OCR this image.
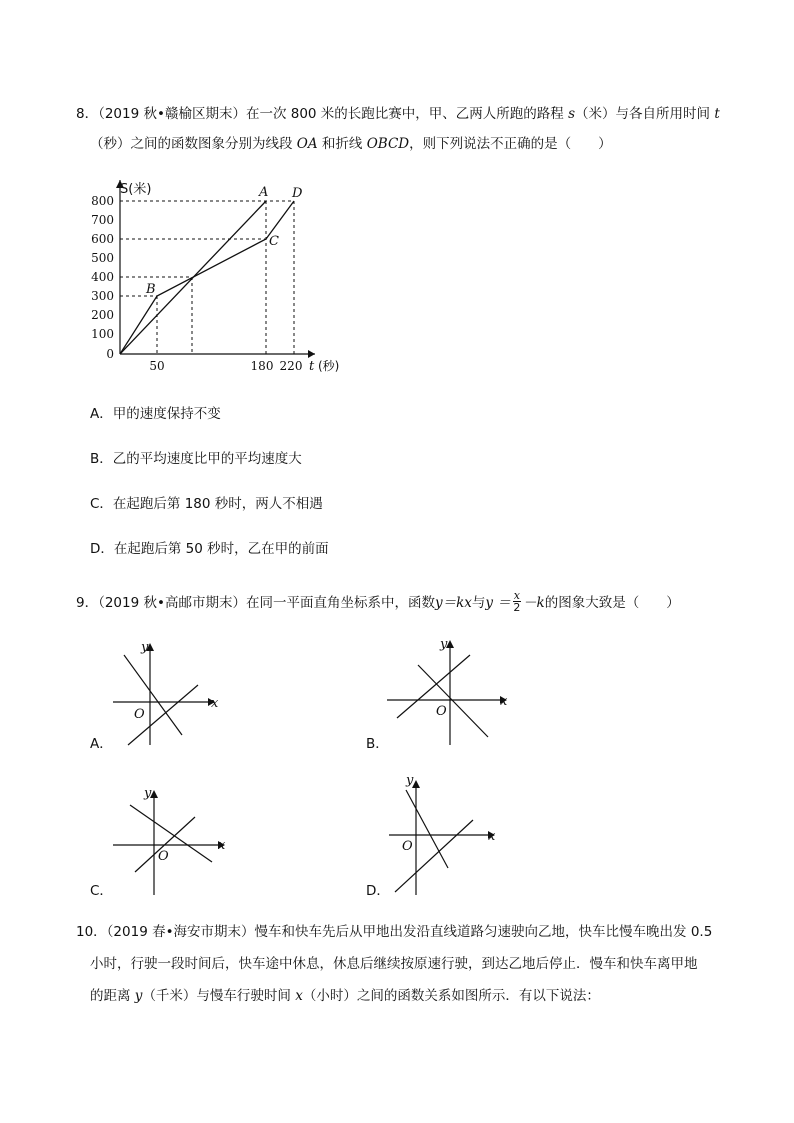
8．（2019 秋•赣榆区期末）在一次 800 米的长跑比赛中，甲、乙两人所跑的路程 s（米）与各自所用时间 t
（秒）之间的函数图象分别为线段 OA 和折线 OBCD，则下列说法不正确的是（　　）
800
700
600
500
400
300
200
100
0
50	180 220
S(米)
t (秒)
A
B
C
D
A．甲的速度保持不变
B．乙的平均速度比甲的平均速度大
C．在起跑后第 180 秒时，两人不相遇
D．在起跑后第 50 秒时，乙在甲的前面
9．（2019 秋•高邮市期末）在同一平面直角坐标系中，函数 y＝kx 与 $y = \frac{x}{2} -k$ 的图象大致是（　　）
x
y
O
A．
x
y
O
B．
x
y
O
C．
x
y
O
D．
10．（2019 春•海安市期末）慢车和快车先后从甲地出发沿直线道路匀速驶向乙地，快车比慢车晚出发 0.5
小时，行驶一段时间后，快车途中休息，休息后继续按原速行驶，到达乙地后停止．慢车和快车离甲地
的距离 y（千米）与慢车行驶时间 x（小时）之间的函数关系如图所示．有以下说法：
